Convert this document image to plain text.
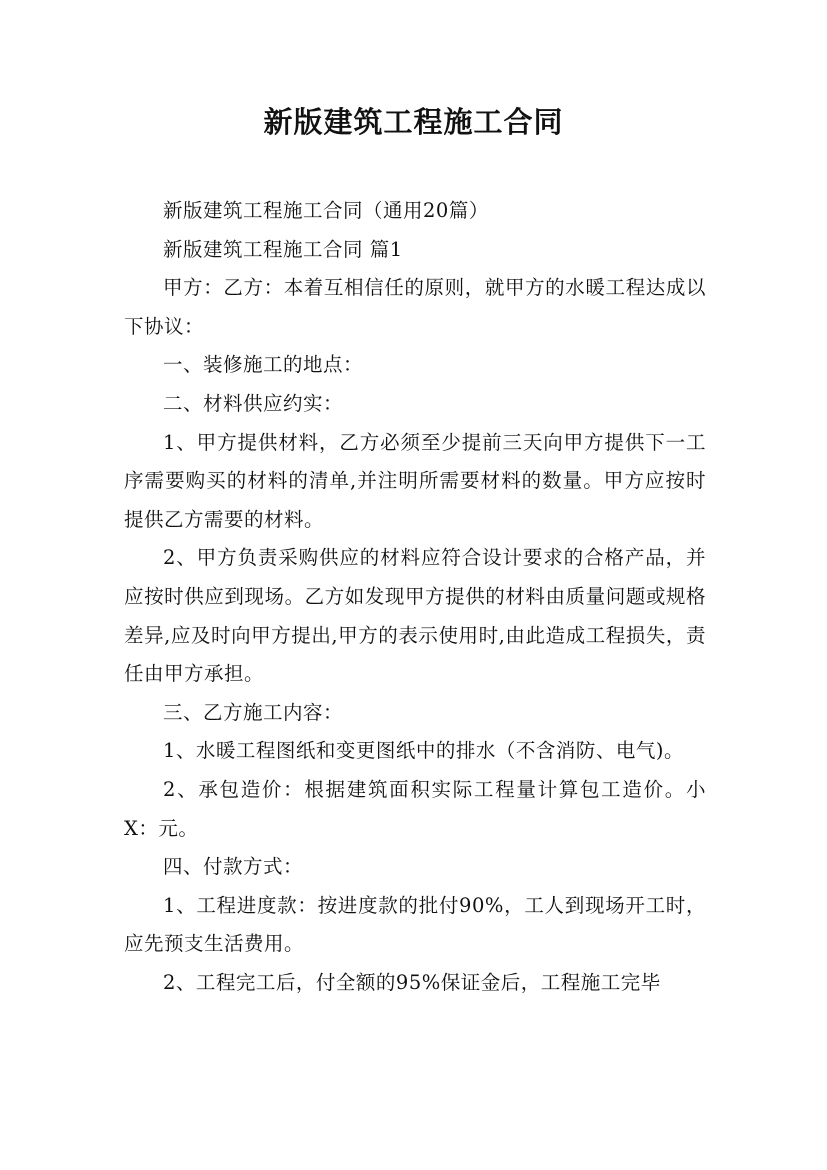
新版建筑工程施工合同

新版建筑工程施工合同（通用20篇）

新版建筑工程施工合同 篇1

甲方：乙方：本着互相信任的原则，就甲方的水暖工程达成以下协议：

一、装修施工的地点：

二、材料供应约实：

1、甲方提供材料，乙方必须至少提前三天向甲方提供下一工序需要购买的材料的清单,并注明所需要材料的数量。甲方应按时提供乙方需要的材料。

2、甲方负责采购供应的材料应符合设计要求的合格产品，并应按时供应到现场。乙方如发现甲方提供的材料由质量问题或规格差异,应及时向甲方提出,甲方的表示使用时,由此造成工程损失，责任由甲方承担。

三、乙方施工内容：

1、水暖工程图纸和变更图纸中的排水（不含消防、电气)。

2、承包造价：根据建筑面积实际工程量计算包工造价。小X：元。

四、付款方式：

1、工程进度款：按进度款的批付90%，工人到现场开工时，应先预支生活费用。

2、工程完工后，付全额的95%保证金后，工程施工完毕
